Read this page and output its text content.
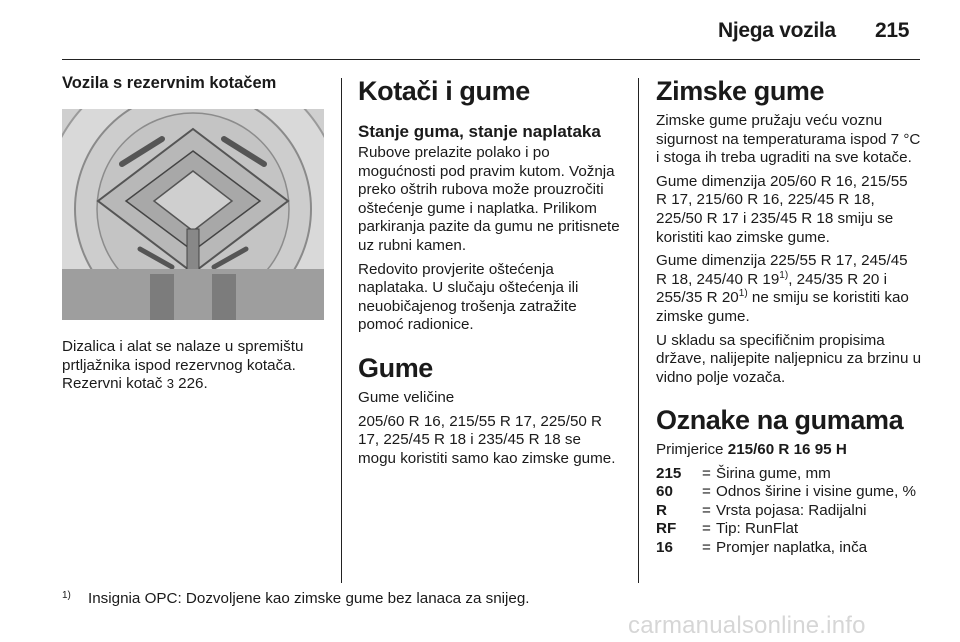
Njega vozila 215
Vozila s rezervnim kotačem

Dizalica i alat se nalaze u spremištu
prtljažnika ispod rezervnog kotača.
Rezervni kotač 3 226.

Kotači i gume
Stanje guma, stanje naplataka

Rubove prelazite polako i po mogućnosti pod pravim kutom. Vožnja preko oštrih rubova može prouzročiti oštećenje gume i naplatka. Prilikom parkiranja pazite da gumu ne pritisnete uz rubni kamen.

Redovito provjerite oštećenja naplataka. U slučaju oštećenja ili neuobičajenog trošenja zatražite pomoć radionice.

Gume

Gume veličine

205/60 R 16, 215/55 R 17, 225/50 R 17, 225/45 R 18 i 235/45 R 18 se mogu koristiti samo kao zimske gume.

Zimske gume

Zimske gume pružaju veću voznu sigurnost na temperaturama ispod 7 °C i stoga ih treba ugraditi na sve kotače.

Gume dimenzija 205/60 R 16, 215/55 R 17, 215/60 R 16, 225/45 R 18, 225/50 R 17 i 235/45 R 18 smiju se koristiti kao zimske gume.

Gume dimenzija 225/55 R 17, 245/45 R 18, 245/40 R 19$^{1)}$, 245/35 R 20 i 255/35 R 20$^{1)}$ ne smiju se koristiti kao zimske gume.

U skladu sa specifičnim propisima države, nalijepite naljepnicu za brzinu u vidno polje vozača.

Oznake na gumama

Primjerice 215/60 R 16 95 H

215	= Širina gume, mm
60	= Odnos širine i visine gume, %
R	= Vrsta pojasa: Radijalni
RF	= Tip: RunFlat
16	= Promjer naplatka, inča
1) Insignia OPC: Dozvoljene kao zimske gume bez lanaca za snijeg.
carmanualsonline.info
